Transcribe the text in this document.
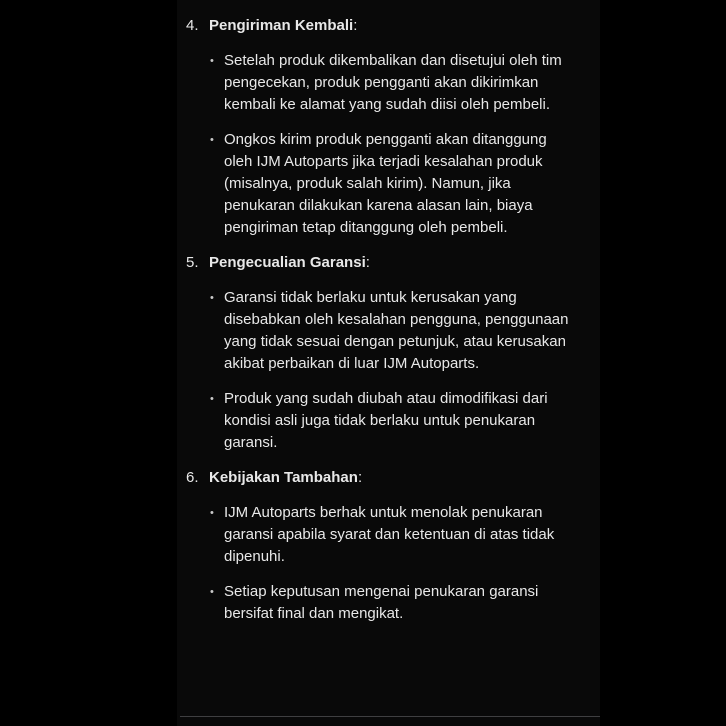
4. Pengiriman Kembali:
• Setelah produk dikembalikan dan disetujui oleh tim pengecekan, produk pengganti akan dikirimkan kembali ke alamat yang sudah diisi oleh pembeli.
• Ongkos kirim produk pengganti akan ditanggung oleh IJM Autoparts jika terjadi kesalahan produk (misalnya, produk salah kirim). Namun, jika penukaran dilakukan karena alasan lain, biaya pengiriman tetap ditanggung oleh pembeli.
5. Pengecualian Garansi:
• Garansi tidak berlaku untuk kerusakan yang disebabkan oleh kesalahan pengguna, penggunaan yang tidak sesuai dengan petunjuk, atau kerusakan akibat perbaikan di luar IJM Autoparts.
• Produk yang sudah diubah atau dimodifikasi dari kondisi asli juga tidak berlaku untuk penukaran garansi.
6. Kebijakan Tambahan:
• IJM Autoparts berhak untuk menolak penukaran garansi apabila syarat dan ketentuan di atas tidak dipenuhi.
• Setiap keputusan mengenai penukaran garansi bersifat final dan mengikat.
